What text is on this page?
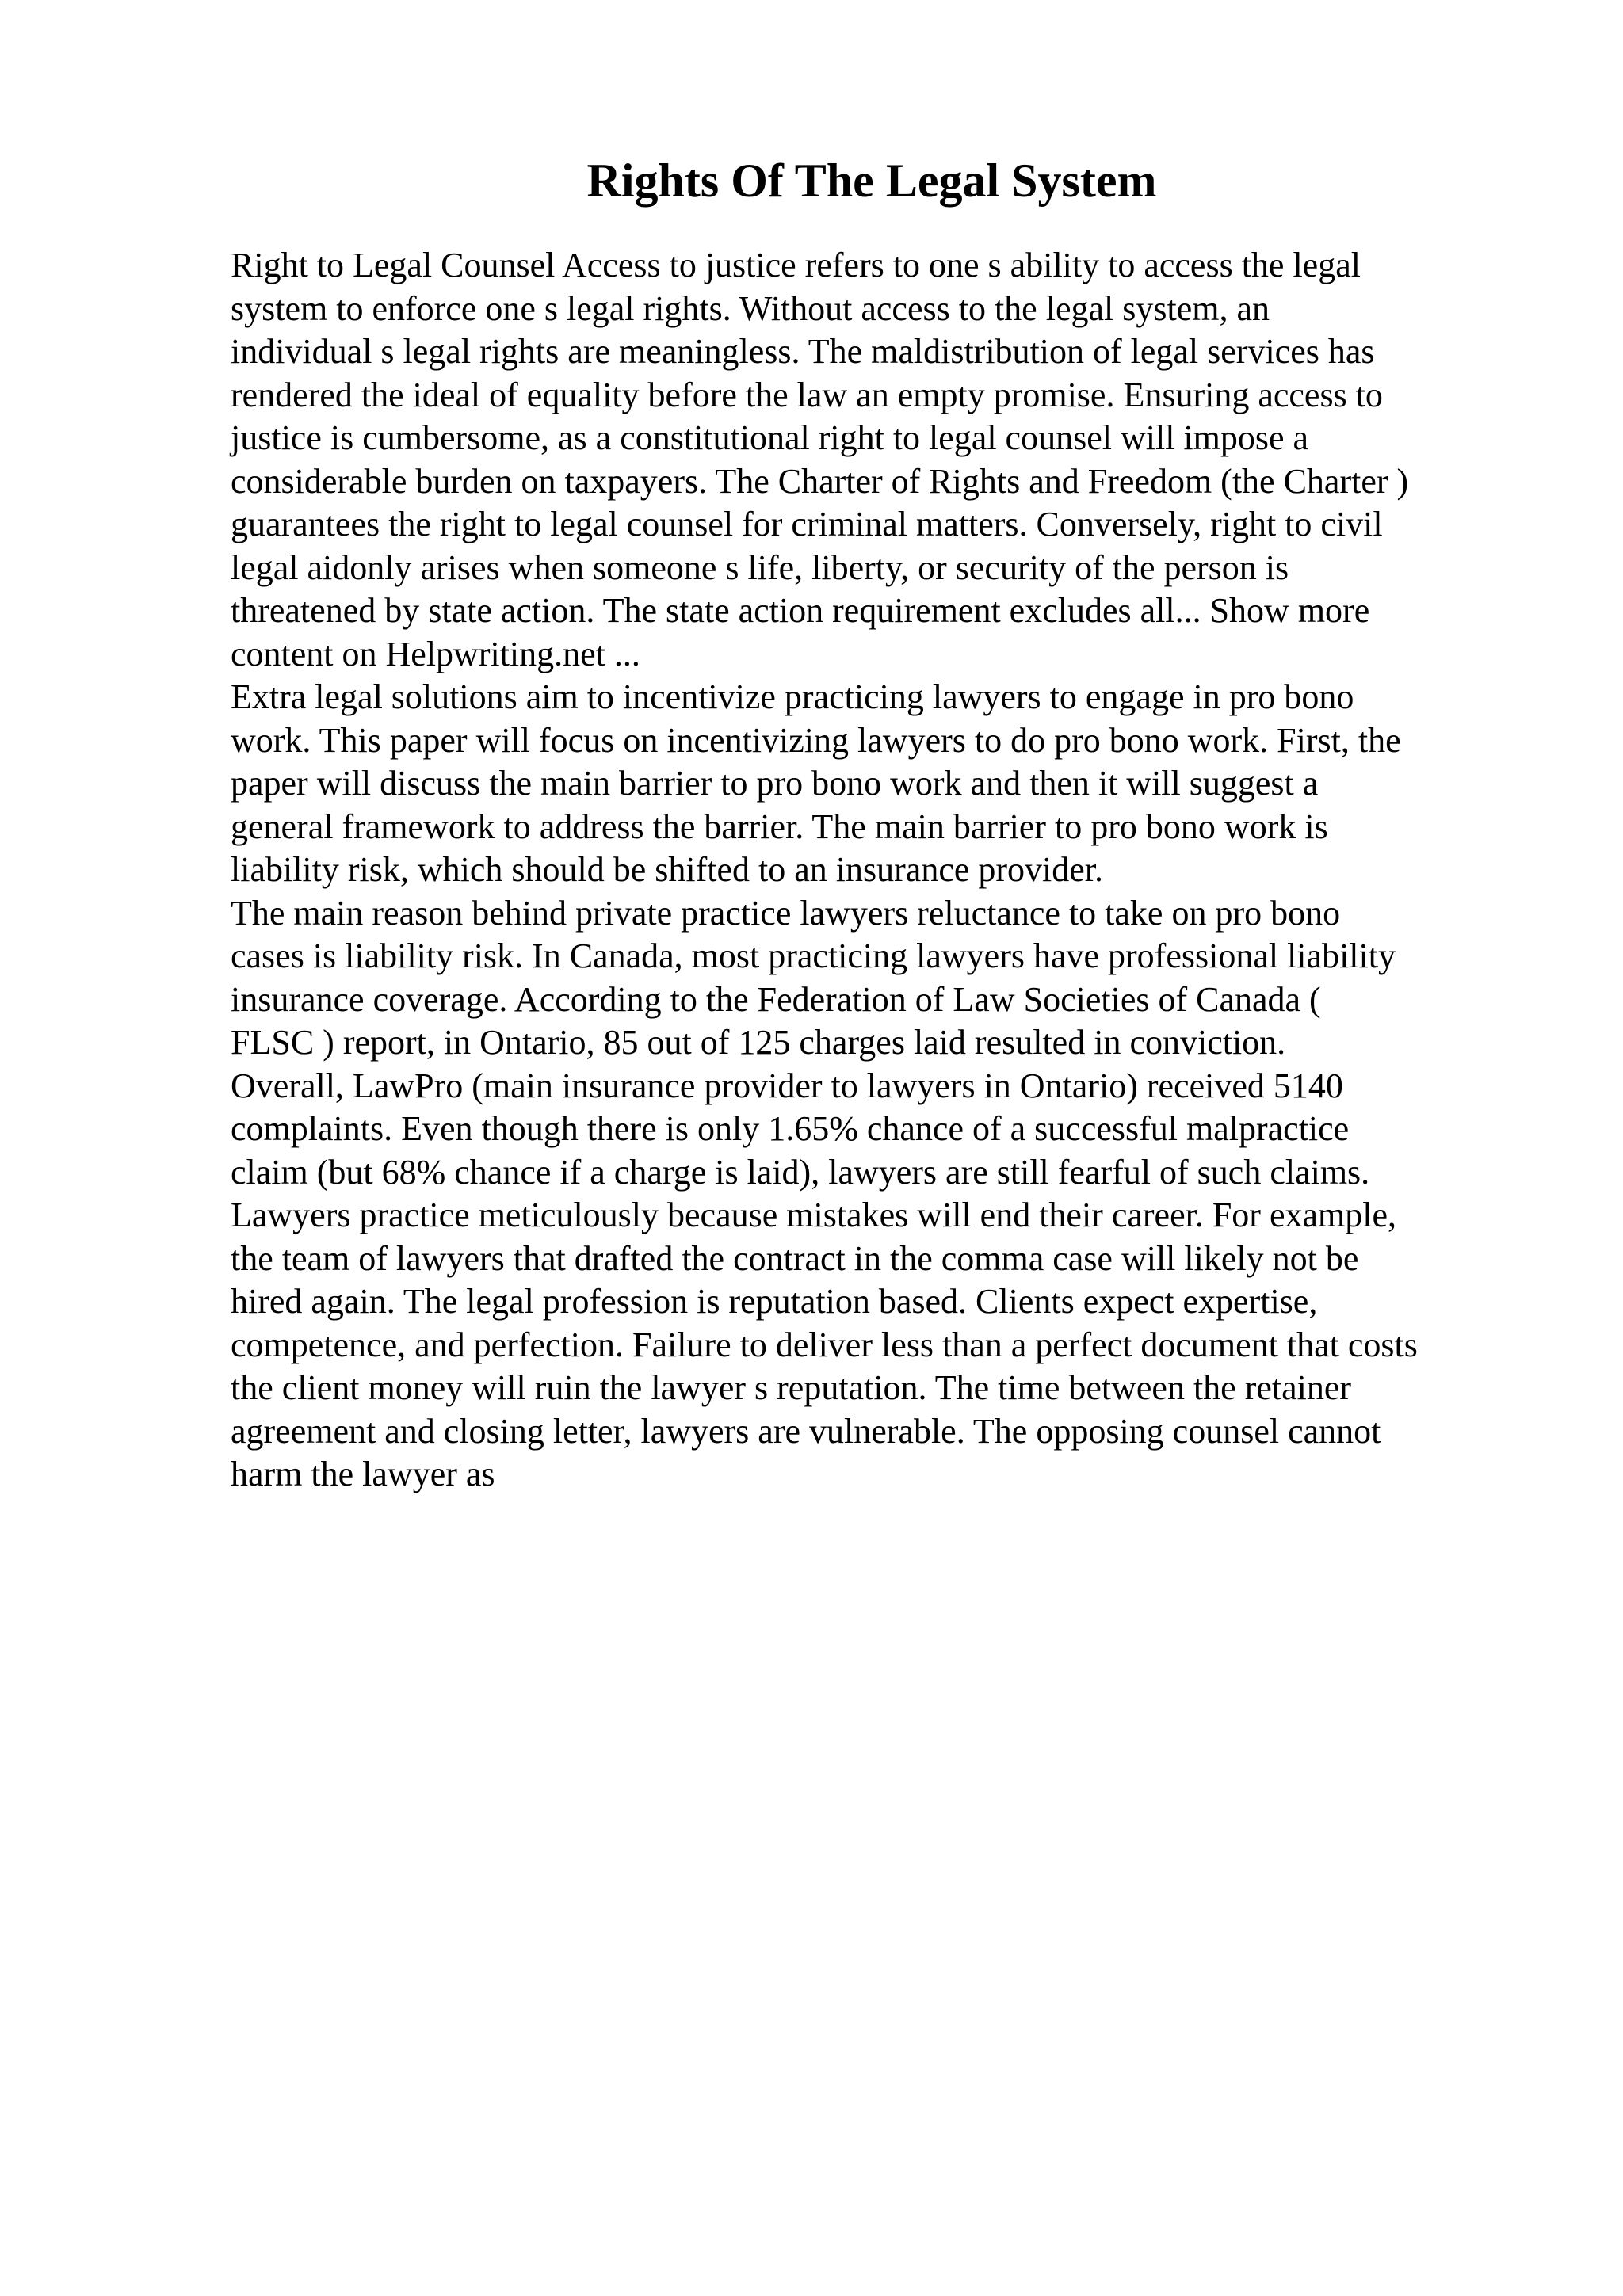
Rights Of The Legal System

Right to Legal Counsel Access to justice refers to one s ability to access the legal
system to enforce one s legal rights. Without access to the legal system, an
individual s legal rights are meaningless. The maldistribution of legal services has
rendered the ideal of equality before the law an empty promise. Ensuring access to
justice is cumbersome, as a constitutional right to legal counsel will impose a
considerable burden on taxpayers. The Charter of Rights and Freedom (the Charter )
guarantees the right to legal counsel for criminal matters. Conversely, right to civil
legal aidonly arises when someone s life, liberty, or security of the person is
threatened by state action. The state action requirement excludes all... Show more
content on Helpwriting.net ...

Extra legal solutions aim to incentivize practicing lawyers to engage in pro bono
work. This paper will focus on incentivizing lawyers to do pro bono work. First, the
paper will discuss the main barrier to pro bono work and then it will suggest a
general framework to address the barrier. The main barrier to pro bono work is
liability risk, which should be shifted to an insurance provider.

The main reason behind private practice lawyers reluctance to take on pro bono
cases is liability risk. In Canada, most practicing lawyers have professional liability
insurance coverage. According to the Federation of Law Societies of Canada (
FLSC ) report, in Ontario, 85 out of 125 charges laid resulted in conviction.
Overall, LawPro (main insurance provider to lawyers in Ontario) received 5140
complaints. Even though there is only 1.65% chance of a successful malpractice
claim (but 68% chance if a charge is laid), lawyers are still fearful of such claims.
Lawyers practice meticulously because mistakes will end their career. For example,
the team of lawyers that drafted the contract in the comma case will likely not be
hired again. The legal profession is reputation based. Clients expect expertise,
competence, and perfection. Failure to deliver less than a perfect document that costs
the client money will ruin the lawyer s reputation. The time between the retainer
agreement and closing letter, lawyers are vulnerable. The opposing counsel cannot
harm the lawyer as
